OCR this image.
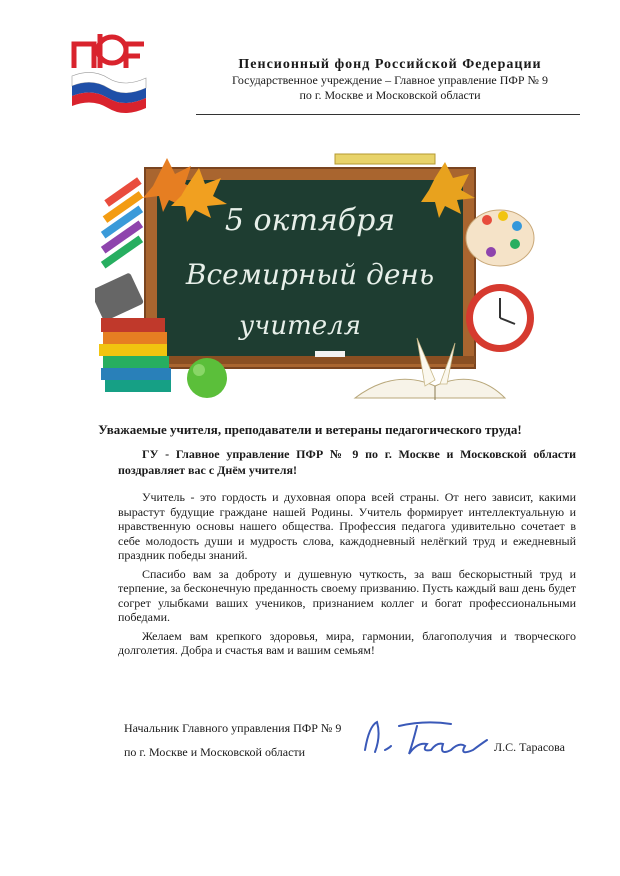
Пенсионный фонд Российской Федерации
Государственное учреждение – Главное управление ПФР № 9
по г. Москве и Московской области
5 октября
Всемирный день
учителя
Уважаемые учителя, преподаватели и ветераны педагогического труда!
ГУ - Главное управление ПФР № 9 по г. Москве и Московской области поздравляет вас с Днём учителя!

Учитель - это гордость и духовная опора всей страны. От него зависит, какими вырастут будущие граждане нашей Родины. Учитель формирует интеллектуальную и нравственную основы нашего общества. Профессия педагога удивительно сочетает в себе молодость души и мудрость слова, каждодневный нелёгкий труд и ежедневный праздник победы знаний.

Спасибо вам за доброту и душевную чуткость, за ваш бескорыстный труд и терпение, за бесконечную преданность своему призванию. Пусть каждый ваш день будет согрет улыбками ваших учеников, признанием коллег и богат профессиональными победами.

Желаем вам крепкого здоровья, мира, гармонии, благополучия и творческого долголетия. Добра и счастья вам и вашим семьям!

Начальник Главного управления ПФР № 9
по г. Москве и Московской области	Л.С. Тарасова
